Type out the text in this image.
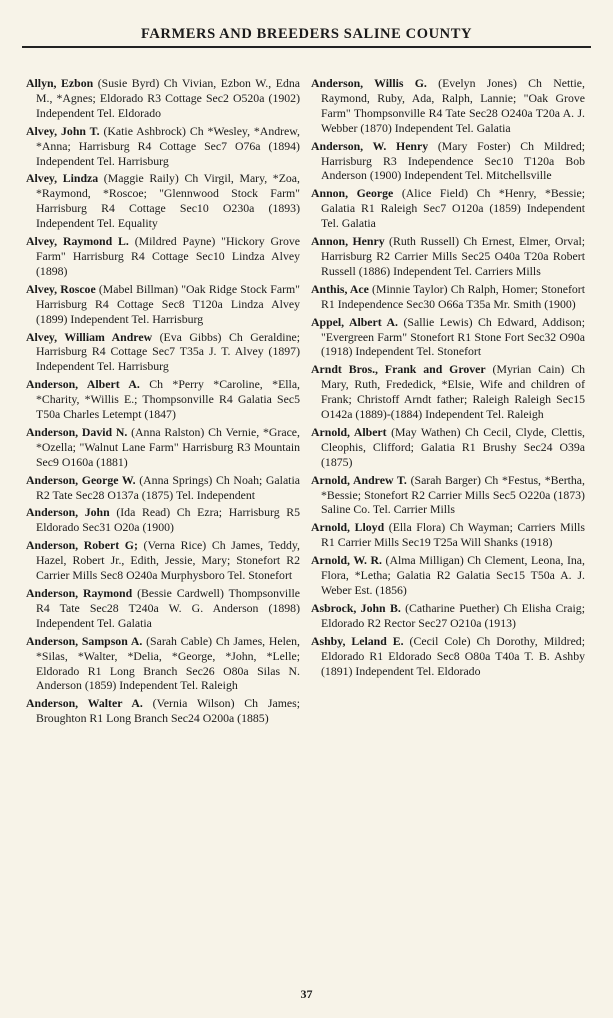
FARMERS AND BREEDERS SALINE COUNTY

Allyn, Ezbon (Susie Byrd) Ch Vivian, Ezbon W., Edna M., *Agnes; Eldorado R3 Cottage Sec2 O520a (1902) Independent Tel. Eldorado

Alvey, John T. (Katie Ashbrock) Ch *Wesley, *Andrew, *Anna; Harrisburg R4 Cottage Sec7 O76a (1894) Independent Tel. Harrisburg

Alvey, Lindza (Maggie Raily) Ch Virgil, Mary, *Zoa, *Raymond, *Roscoe; "Glennwood Stock Farm" Harrisburg R4 Cottage Sec10 O230a (1893) Independent Tel. Equality

Alvey, Raymond L. (Mildred Payne) "Hickory Grove Farm" Harrisburg R4 Cottage Sec10 Lindza Alvey (1898)

Alvey, Roscoe (Mabel Billman) "Oak Ridge Stock Farm" Harrisburg R4 Cottage Sec8 T120a Lindza Alvey (1899) Independent Tel. Harrisburg

Alvey, William Andrew (Eva Gibbs) Ch Geraldine; Harrisburg R4 Cottage Sec7 T35a J. T. Alvey (1897) Independent Tel. Harrisburg

Anderson, Albert A. Ch *Perry *Caroline, *Ella, *Charity, *Willis E.; Thompsonville R4 Galatia Sec5 T50a Charles Letempt (1847)

Anderson, David N. (Anna Ralston) Ch Vernie, *Grace, *Ozella; "Walnut Lane Farm" Harrisburg R3 Mountain Sec9 O160a (1881)

Anderson, George W. (Anna Springs) Ch Noah; Galatia R2 Tate Sec28 O137a (1875) Tel. Independent

Anderson, John (Ida Read) Ch Ezra; Harrisburg R5 Eldorado Sec31 O20a (1900)

Anderson, Robert G; (Verna Rice) Ch James, Teddy, Hazel, Robert Jr., Edith, Jessie, Mary; Stonefort R2 Carrier Mills Sec8 O240a Murphysboro Tel. Stonefort

Anderson, Raymond (Bessie Cardwell) Thompsonville R4 Tate Sec28 T240a W. G. Anderson (1898) Independent Tel. Galatia

Anderson, Sampson A. (Sarah Cable) Ch James, Helen, *Silas, *Walter, *Delia, *George, *John, *Lelle; Eldorado R1 Long Branch Sec26 O80a Silas N. Anderson (1859) Independent Tel. Raleigh

Anderson, Walter A. (Vernia Wilson) Ch James; Broughton R1 Long Branch Sec24 O200a (1885)

Anderson, Willis G. (Evelyn Jones) Ch Nettie, Raymond, Ruby, Ada, Ralph, Lannie; "Oak Grove Farm" Thompsonville R4 Tate Sec28 O240a T20a A. J. Webber (1870) Independent Tel. Galatia

Anderson, W. Henry (Mary Foster) Ch Mildred; Harrisburg R3 Independence Sec10 T120a Bob Anderson (1900) Independent Tel. Mitchellsville

Annon, George (Alice Field) Ch *Henry, *Bessie; Galatia R1 Raleigh Sec7 O120a (1859) Independent Tel. Galatia

Annon, Henry (Ruth Russell) Ch Ernest, Elmer, Orval; Harrisburg R2 Carrier Mills Sec25 O40a T20a Robert Russell (1886) Independent Tel. Carriers Mills

Anthis, Ace (Minnie Taylor) Ch Ralph, Homer; Stonefort R1 Independence Sec30 O66a T35a Mr. Smith (1900)

Appel, Albert A. (Sallie Lewis) Ch Edward, Addison; "Evergreen Farm" Stonefort R1 Stone Fort Sec32 O90a (1918) Independent Tel. Stonefort

Arndt Bros., Frank and Grover (Myrian Cain) Ch Mary, Ruth, Frededick, *Elsie, Wife and children of Frank; Christoff Arndt father; Raleigh Raleigh Sec15 O142a (1889)-(1884) Independent Tel. Raleigh

Arnold, Albert (May Wathen) Ch Cecil, Clyde, Clettis, Cleophis, Clifford; Galatia R1 Brushy Sec24 O39a (1875)

Arnold, Andrew T. (Sarah Barger) Ch *Festus, *Bertha, *Bessie; Stonefort R2 Carrier Mills Sec5 O220a (1873) Saline Co. Tel. Carrier Mills

Arnold, Lloyd (Ella Flora) Ch Wayman; Carriers Mills R1 Carrier Mills Sec19 T25a Will Shanks (1918)

Arnold, W. R. (Alma Milligan) Ch Clement, Leona, Ina, Flora, *Letha; Galatia R2 Galatia Sec15 T50a A. J. Weber Est. (1856)

Asbrock, John B. (Catharine Puether) Ch Elisha Craig; Eldorado R2 Rector Sec27 O210a (1913)

Ashby, Leland E. (Cecil Cole) Ch Dorothy, Mildred; Eldorado R1 Eldorado Sec8 O80a T40a T. B. Ashby (1891) Independent Tel. Eldorado

37
